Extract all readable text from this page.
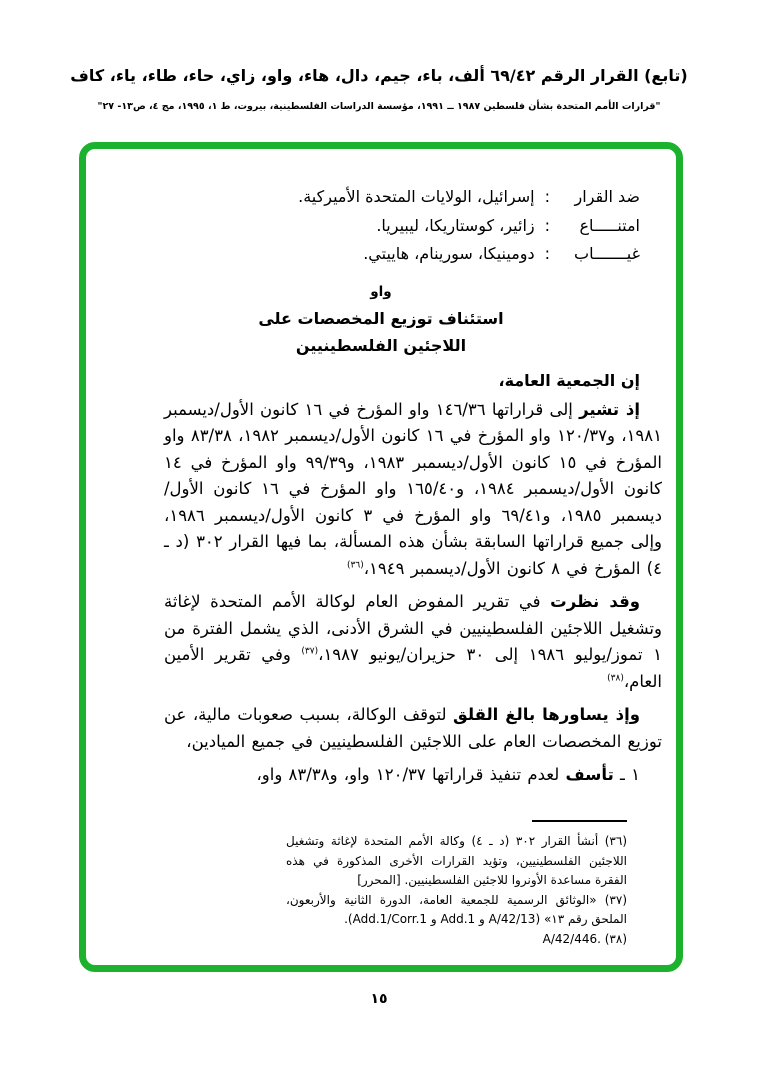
(تابع) القرار الرقم ٦٩/٤٢ ألف، باء، جيم، دال، هاء، واو، زاي، حاء، طاء، ياء، كاف
"قرارات الأمم المتحدة بشأن فلسطين ١٩٨٧ ــ ١٩٩١، مؤسسة الدراسات الفلسطينية، بيروت، ط ١، ١٩٩٥، مج ٤، ص١٣- ٢٧"
ضد القرار
:
إسرائيل، الولايات المتحدة الأميركية.
امتنـــــاع
:
زائير، كوستاريكا، ليبيريا.
غيـــــــاب
:
دومينيكا، سورينام، هاييتي.
واو
استئناف توزيع المخصصات على
اللاجئين الفلسطينيين
إن الجمعية العامة،

إذ تشير إلى قراراتها ١٤٦/٣٦ واو المؤرخ في ١٦ كانون الأول/ديسمبر ١٩٨١، و١٢٠/٣٧ واو المؤرخ في ١٦ كانون الأول/ديسمبر ١٩٨٢، ٨٣/٣٨ واو المؤرخ في ١٥ كانون الأول/ديسمبر ١٩٨٣، و٩٩/٣٩ واو المؤرخ في ١٤ كانون الأول/ديسمبر ١٩٨٤، و١٦٥/٤٠ واو المؤرخ في ١٦ كانون الأول/ديسمبر ١٩٨٥، و٦٩/٤١ واو المؤرخ في ٣ كانون الأول/ديسمبر ١٩٨٦، وإلى جميع قراراتها السابقة بشأن هذه المسألة، بما فيها القرار ٣٠٢ (د ـ ٤) المؤرخ في ٨ كانون الأول/ديسمبر ١٩٤٩،$^{(٣٦)}$

وقد نظرت في تقرير المفوض العام لوكالة الأمم المتحدة لإغاثة وتشغيل اللاجئين الفلسطينيين في الشرق الأدنى، الذي يشمل الفترة من ١ تموز/يوليو ١٩٨٦ إلى ٣٠ حزيران/يونيو ١٩٨٧،$^{(٣٧)}$ وفي تقرير الأمين العام،$^{(٣٨)}$

وإذ يساورها بالغ القلق لتوقف الوكالة، بسبب صعوبات مالية، عن توزيع المخصصات العام على اللاجئين الفلسطينيين في جميع الميادين،

١ ـ تأسف لعدم تنفيذ قراراتها ١٢٠/٣٧ واو، و٨٣/٣٨ واو،

(٣٦) أنشأ القرار ٣٠٢ (د ـ ٤) وكالة الأمم المتحدة لإغاثة وتشغيل اللاجئين الفلسطينيين، وتؤيد القرارات الأخرى المذكورة في هذه الفقرة مساعدة الأونروا للاجئين الفلسطينيين. [المحرر]

(٣٧) «الوثائق الرسمية للجمعية العامة، الدورة الثانية والأربعون، الملحق رقم ١٣» (A/42/13 و Add.1 و Add.1/Corr.1).

(٣٨) A/42/446.

١٥
